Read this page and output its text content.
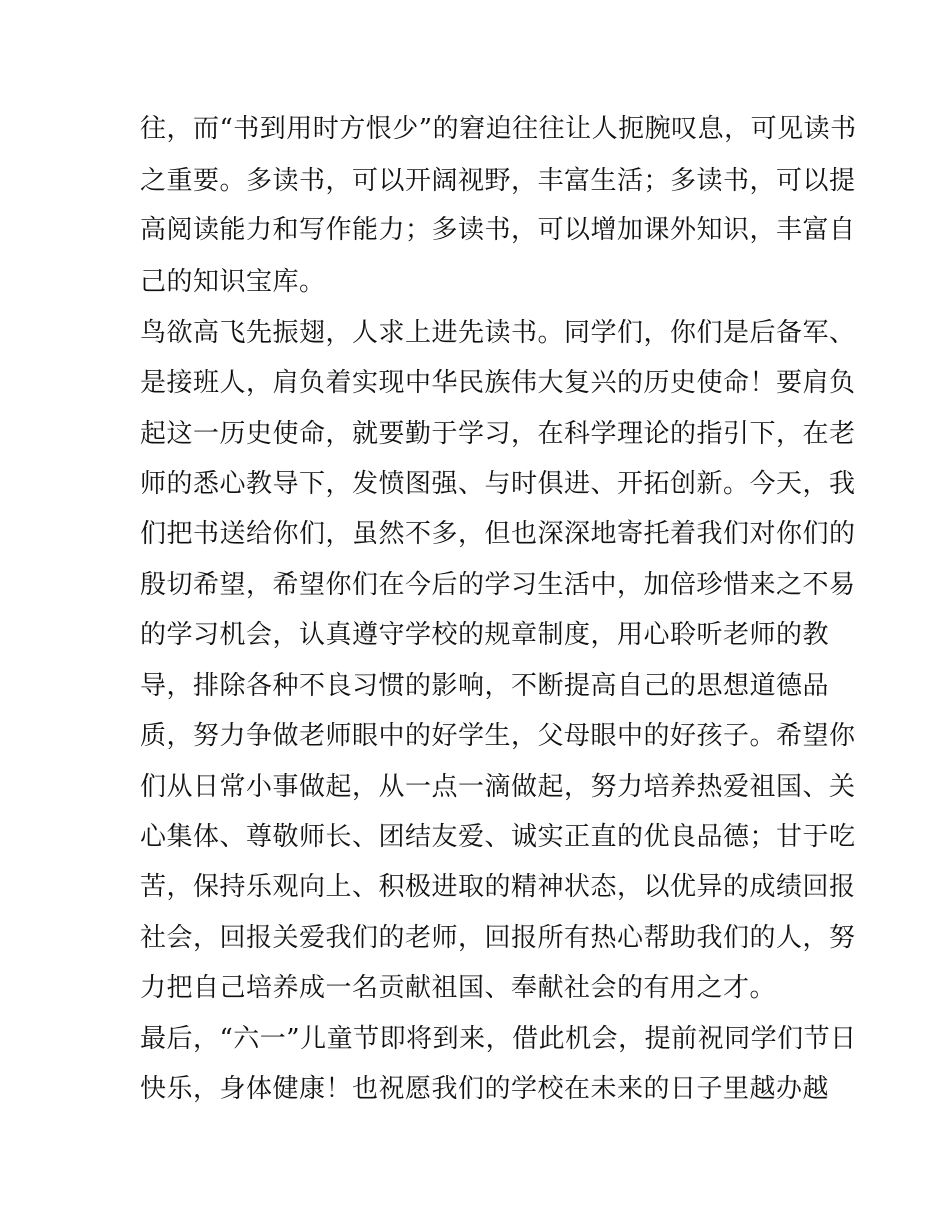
往，而“书到用时方恨少”的窘迫往往让人扼腕叹息，可见读书
之重要。多读书，可以开阔视野，丰富生活；多读书，可以提
高阅读能力和写作能力；多读书，可以增加课外知识，丰富自
己的知识宝库。
鸟欲高飞先振翅，人求上进先读书。同学们，你们是后备军、
是接班人，肩负着实现中华民族伟大复兴的历史使命！要肩负
起这一历史使命，就要勤于学习，在科学理论的指引下，在老
师的悉心教导下，发愤图强、与时俱进、开拓创新。今天，我
们把书送给你们，虽然不多，但也深深地寄托着我们对你们的
殷切希望，希望你们在今后的学习生活中，加倍珍惜来之不易
的学习机会，认真遵守学校的规章制度，用心聆听老师的教
导，排除各种不良习惯的影响，不断提高自己的思想道德品
质，努力争做老师眼中的好学生，父母眼中的好孩子。希望你
们从日常小事做起，从一点一滴做起，努力培养热爱祖国、关
心集体、尊敬师长、团结友爱、诚实正直的优良品德；甘于吃
苦，保持乐观向上、积极进取的精神状态，以优异的成绩回报
社会，回报关爱我们的老师，回报所有热心帮助我们的人，努
力把自己培养成一名贡献祖国、奉献社会的有用之才。
最后，“六一”儿童节即将到来，借此机会，提前祝同学们节日
快乐，身体健康！也祝愿我们的学校在未来的日子里越办越
